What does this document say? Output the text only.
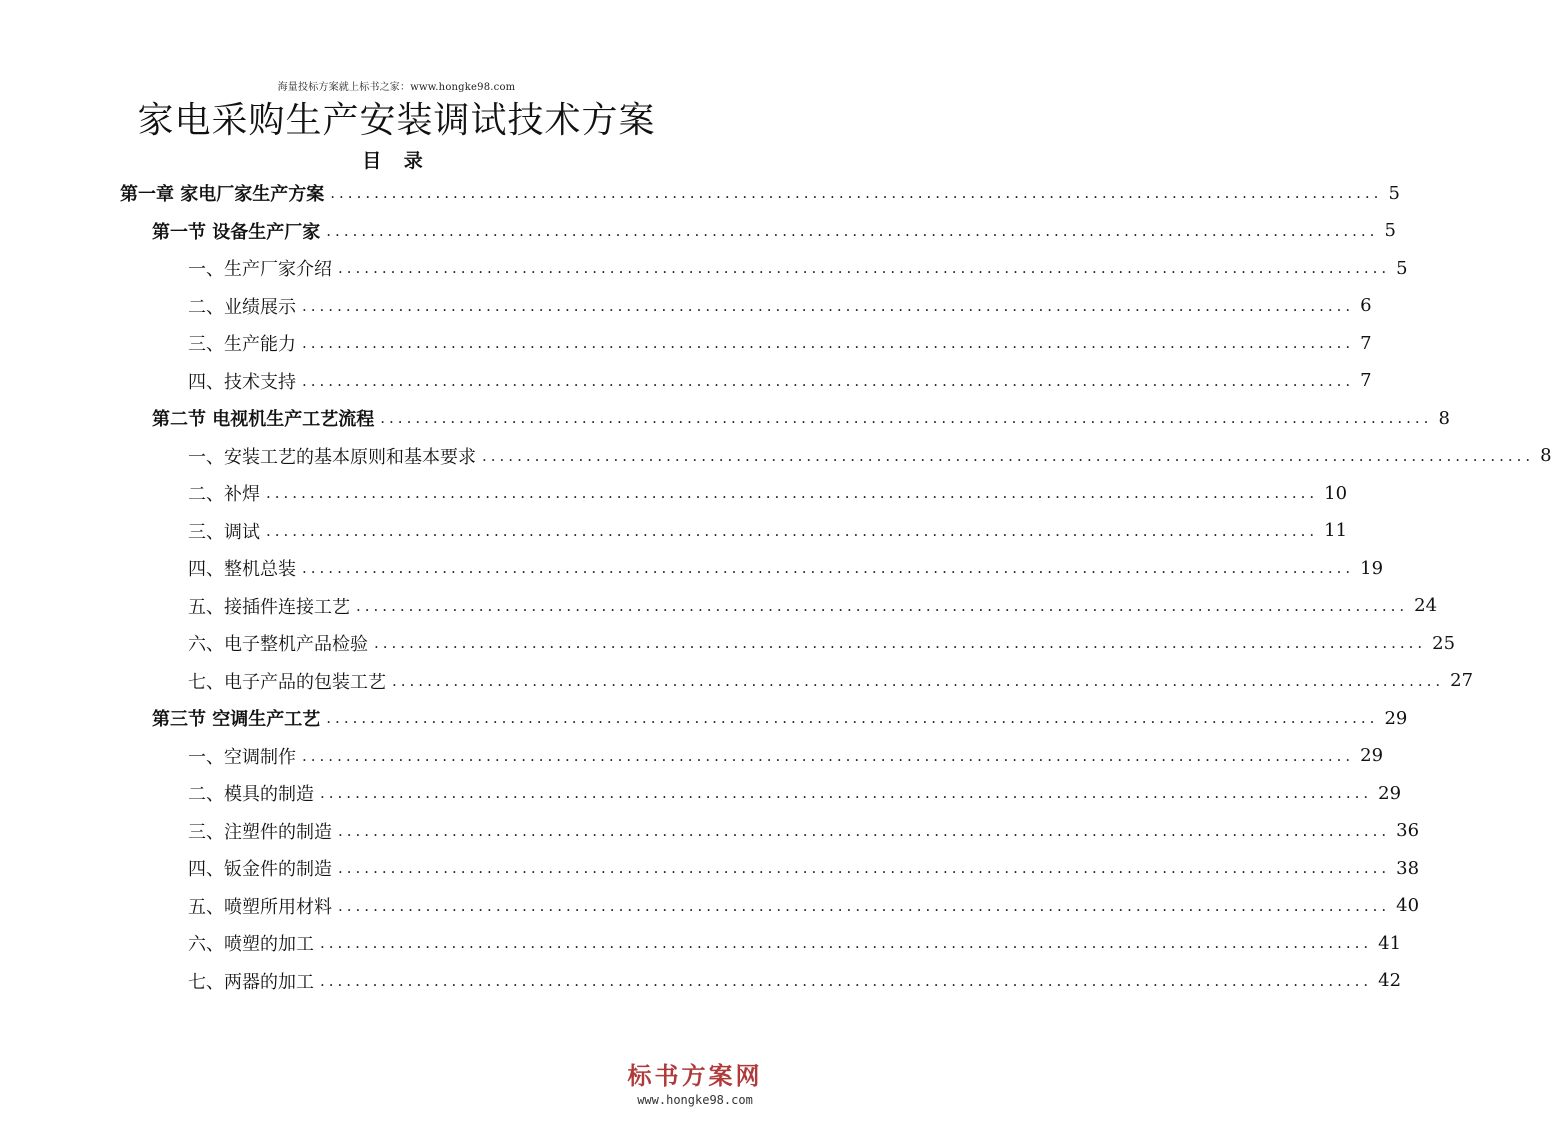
海量投标方案就上标书之家：www.hongke98.com
家电采购生产安装调试技术方案
目 录
第一章 家电厂家生产方案 ........................................................................................................................ 5
第一节 设备生产厂家 ........................................................................................................................ 5
一、生产厂家介绍 ........................................................................................................................ 5
二、业绩展示 ........................................................................................................................ 6
三、生产能力 ........................................................................................................................ 7
四、技术支持 ........................................................................................................................ 7
第二节 电视机生产工艺流程 ........................................................................................................................ 8
一、安装工艺的基本原则和基本要求 ........................................................................................................................ 8
二、补焊 ........................................................................................................................ 10
三、调试 ........................................................................................................................ 11
四、整机总装 ........................................................................................................................ 19
五、接插件连接工艺 ........................................................................................................................ 24
六、电子整机产品检验 ........................................................................................................................ 25
七、电子产品的包装工艺 ........................................................................................................................ 27
第三节 空调生产工艺 ........................................................................................................................ 29
一、空调制作 ........................................................................................................................ 29
二、模具的制造 ........................................................................................................................ 29
三、注塑件的制造 ........................................................................................................................ 36
四、钣金件的制造 ........................................................................................................................ 38
五、喷塑所用材料 ........................................................................................................................ 40
六、喷塑的加工 ........................................................................................................................ 41
七、两器的加工 ........................................................................................................................ 42
标书方案网
www.hongke98.com
